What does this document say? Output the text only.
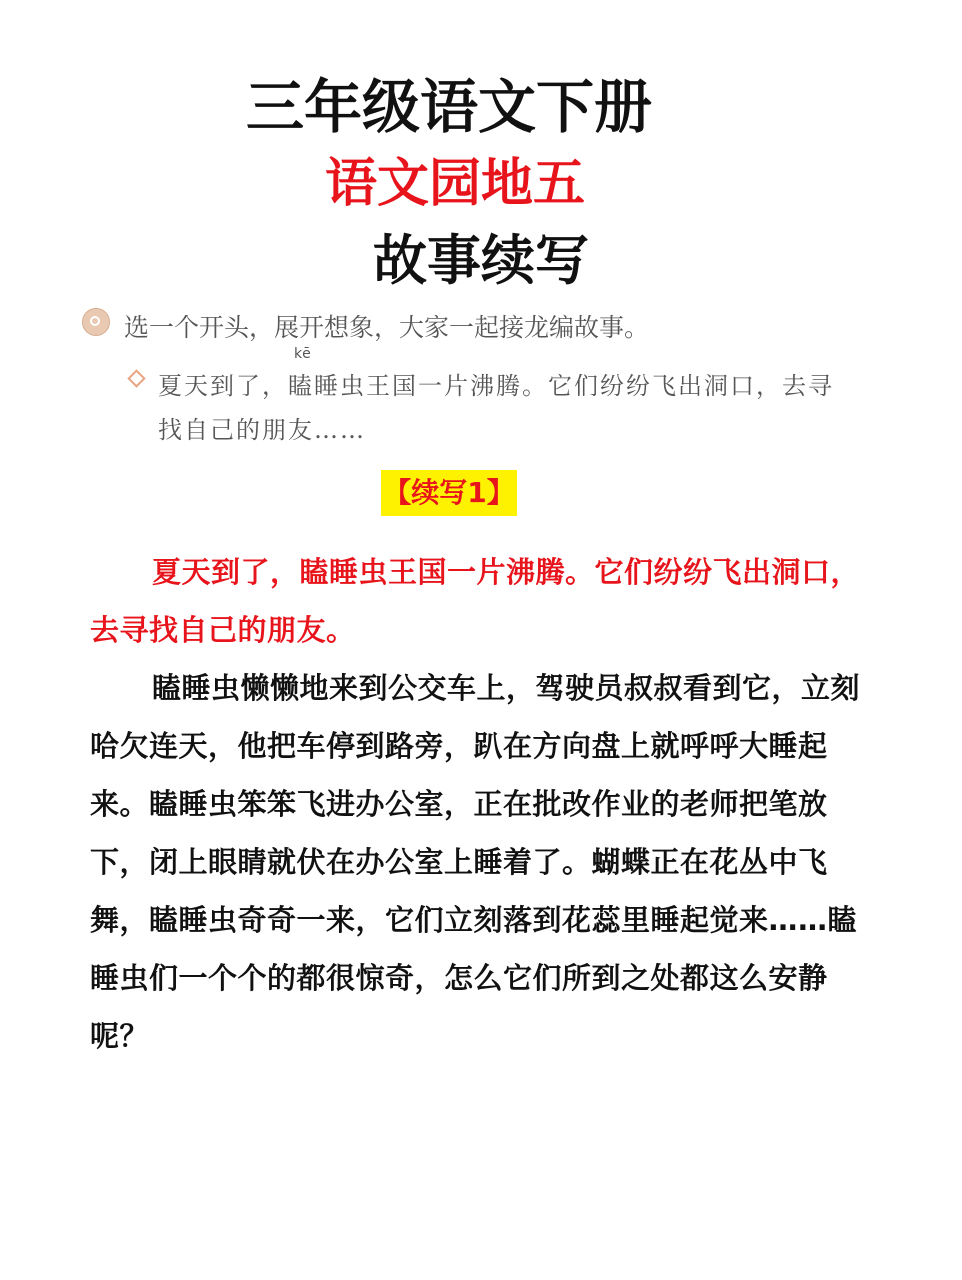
三年级语文下册
语文园地五
故事续写
选一个开头，展开想象，大家一起接龙编故事。
kē
夏天到了，瞌睡虫王国一片沸腾。它们纷纷飞出洞口，去寻找自己的朋友……
【续写1】
夏天到了，瞌睡虫王国一片沸腾。它们纷纷飞出洞口，去寻找自己的朋友。
瞌睡虫懒懒地来到公交车上，驾驶员叔叔看到它，立刻哈欠连天，他把车停到路旁，趴在方向盘上就呼呼大睡起来。瞌睡虫笨笨飞进办公室，正在批改作业的老师把笔放下，闭上眼睛就伏在办公室上睡着了。蝴蝶正在花丛中飞舞，瞌睡虫奇奇一来，它们立刻落到花蕊里睡起觉来……瞌睡虫们一个个的都很惊奇，怎么它们所到之处都这么安静呢？
